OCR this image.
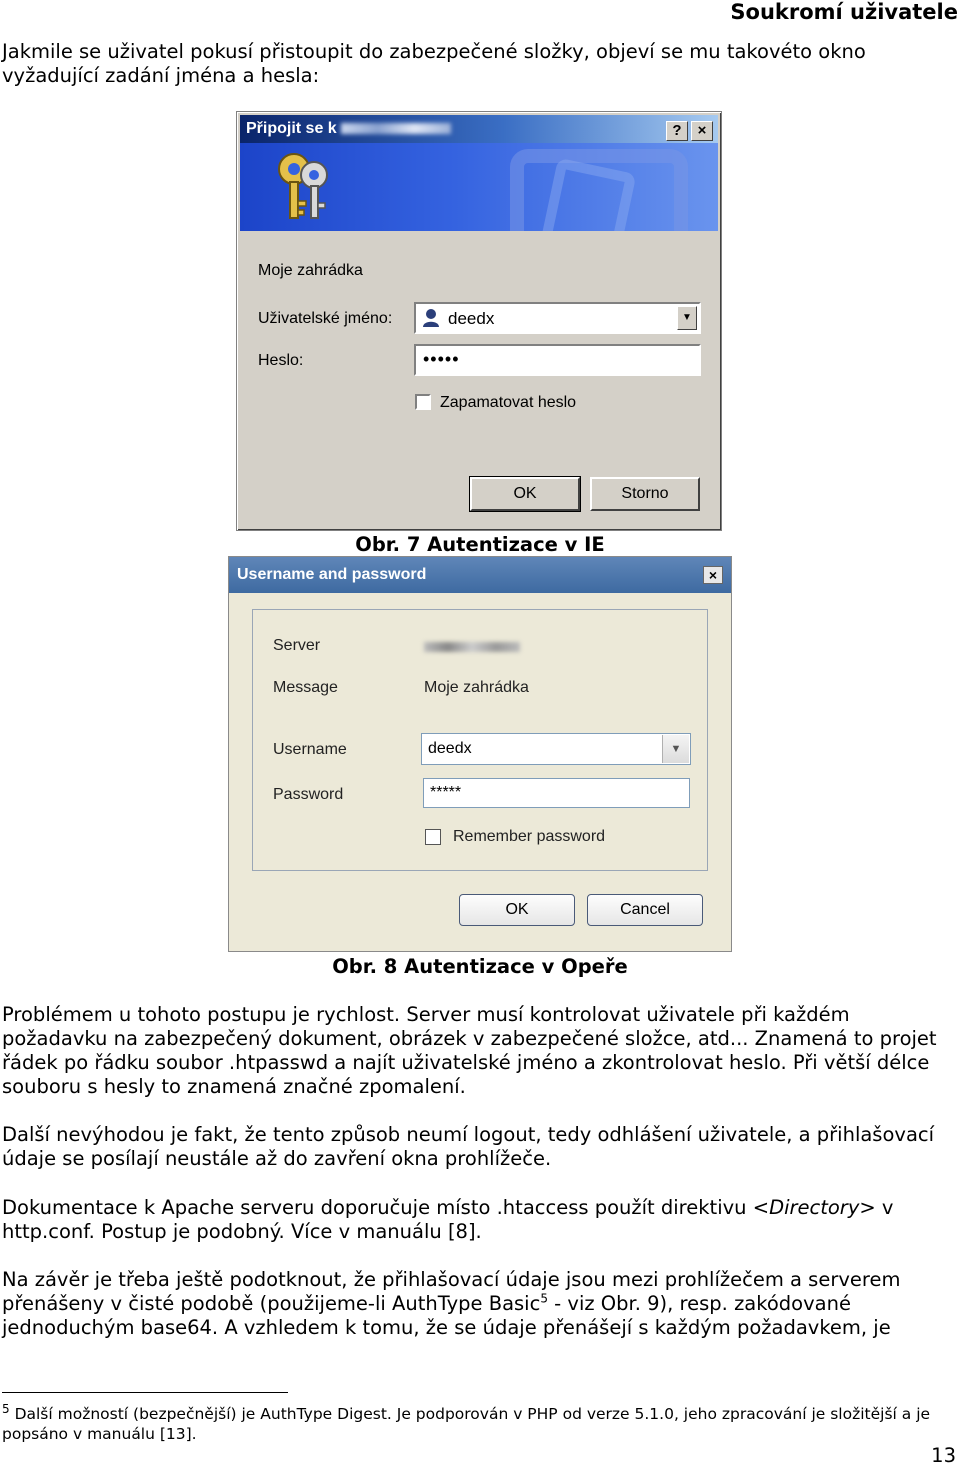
Soukromí uživatele

Jakmile se uživatel pokusí přistoupit do zabezpečené složky, objeví se mu takovéto okno vyžadující zadání jména a hesla:

Připojit se k	?	×
Moje zahrádka
Uživatelské jméno:	deedx	▼
Heslo:	•••••
Zapamatovat heslo
OK	Storno
Obr. 7 Autentizace v IE
Username and password	×
Server
Message	Moje zahrádka
Username	deedx	▼
Password	*****
Remember password
OK	Cancel
Obr. 8 Autentizace v Opeře

Problémem u tohoto postupu je rychlost. Server musí kontrolovat uživatele při každém požadavku na zabezpečený dokument, obrázek v zabezpečené složce, atd... Znamená to projet řádek po řádku soubor .htpasswd a najít uživatelské jméno a zkontrolovat heslo. Při větší délce souboru s hesly to znamená značné zpomalení.

Další nevýhodou je fakt, že tento způsob neumí logout, tedy odhlášení uživatele, a přihlašovací údaje se posílají neustále až do zavření okna prohlížeče.

Dokumentace k Apache serveru doporučuje místo .htaccess použít direktivu <Directory> v http.conf. Postup je podobný. Více v manuálu [8].

Na závěr je třeba ještě podotknout, že přihlašovací údaje jsou mezi prohlížečem a serverem přenášeny v čisté podobě (použijeme-li AuthType Basic$^5$ - viz Obr. 9), resp. zakódované jednoduchým base64. A vzhledem k tomu, že se údaje přenášejí s každým požadavkem, je

$^5$ Další možností (bezpečnější) je AuthType Digest. Je podporován v PHP od verze 5.1.0, jeho zpracování je složitější a je popsáno v manuálu [13].

13
